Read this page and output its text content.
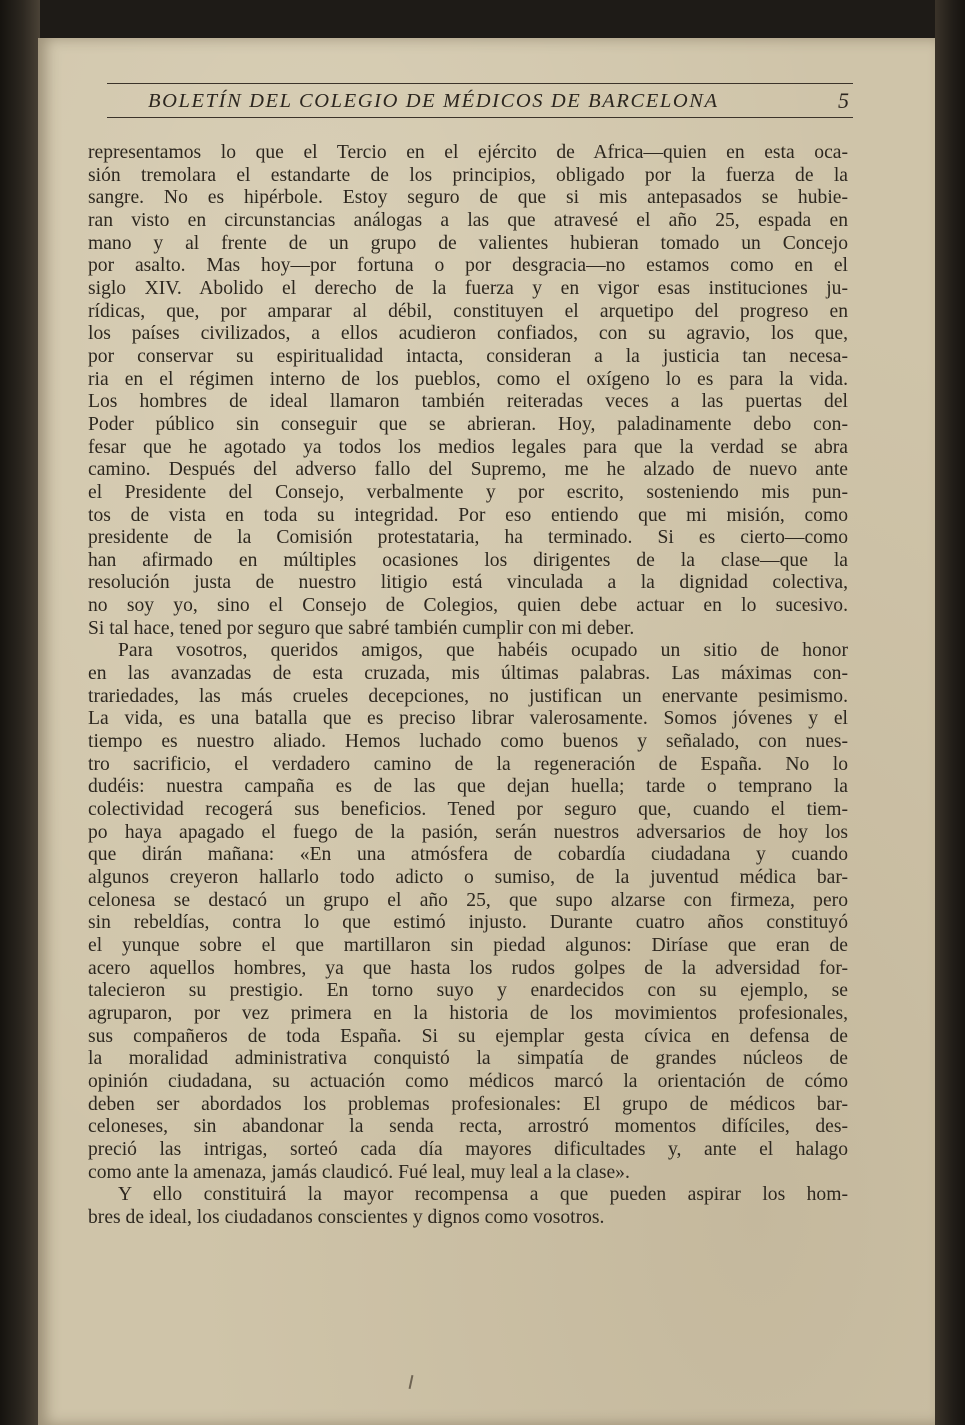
BOLETÍN DEL COLEGIO DE MÉDICOS DE BARCELONA	5
representamos lo que el Tercio en el ejército de Africa—quien en esta oca-
sión tremolara el estandarte de los principios, obligado por la fuerza de la
sangre. No es hipérbole. Estoy seguro de que si mis antepasados se hubie-
ran visto en circunstancias análogas a las que atravesé el año 25, espada en
mano y al frente de un grupo de valientes hubieran tomado un Concejo
por asalto. Mas hoy—por fortuna o por desgracia—no estamos como en el
siglo XIV. Abolido el derecho de la fuerza y en vigor esas instituciones ju-
rídicas, que, por amparar al débil, constituyen el arquetipo del progreso en
los países civilizados, a ellos acudieron confiados, con su agravio, los que,
por conservar su espiritualidad intacta, consideran a la justicia tan necesa-
ria en el régimen interno de los pueblos, como el oxígeno lo es para la vida.
Los hombres de ideal llamaron también reiteradas veces a las puertas del
Poder público sin conseguir que se abrieran. Hoy, paladinamente debo con-
fesar que he agotado ya todos los medios legales para que la verdad se abra
camino. Después del adverso fallo del Supremo, me he alzado de nuevo ante
el Presidente del Consejo, verbalmente y por escrito, sosteniendo mis pun-
tos de vista en toda su integridad. Por eso entiendo que mi misión, como
presidente de la Comisión protestataria, ha terminado. Si es cierto—como
han afirmado en múltiples ocasiones los dirigentes de la clase—que la
resolución justa de nuestro litigio está vinculada a la dignidad colectiva,
no soy yo, sino el Consejo de Colegios, quien debe actuar en lo sucesivo.
Si tal hace, tened por seguro que sabré también cumplir con mi deber.
Para vosotros, queridos amigos, que habéis ocupado un sitio de honor
en las avanzadas de esta cruzada, mis últimas palabras. Las máximas con-
trariedades, las más crueles decepciones, no justifican un enervante pesimismo.
La vida, es una batalla que es preciso librar valerosamente. Somos jóvenes y el
tiempo es nuestro aliado. Hemos luchado como buenos y señalado, con nues-
tro sacrificio, el verdadero camino de la regeneración de España. No lo
dudéis: nuestra campaña es de las que dejan huella; tarde o temprano la
colectividad recogerá sus beneficios. Tened por seguro que, cuando el tiem-
po haya apagado el fuego de la pasión, serán nuestros adversarios de hoy los
que dirán mañana: «En una atmósfera de cobardía ciudadana y cuando
algunos creyeron hallarlo todo adicto o sumiso, de la juventud médica bar-
celonesa se destacó un grupo el año 25, que supo alzarse con firmeza, pero
sin rebeldías, contra lo que estimó injusto. Durante cuatro años constituyó
el yunque sobre el que martillaron sin piedad algunos: Diríase que eran de
acero aquellos hombres, ya que hasta los rudos golpes de la adversidad for-
talecieron su prestigio. En torno suyo y enardecidos con su ejemplo, se
agruparon, por vez primera en la historia de los movimientos profesionales,
sus compañeros de toda España. Si su ejemplar gesta cívica en defensa de
la moralidad administrativa conquistó la simpatía de grandes núcleos de
opinión ciudadana, su actuación como médicos marcó la orientación de cómo
deben ser abordados los problemas profesionales: El grupo de médicos bar-
celoneses, sin abandonar la senda recta, arrostró momentos difíciles, des-
preció las intrigas, sorteó cada día mayores dificultades y, ante el halago
como ante la amenaza, jamás claudicó. Fué leal, muy leal a la clase».
Y ello constituirá la mayor recompensa a que pueden aspirar los hom-
bres de ideal, los ciudadanos conscientes y dignos como vosotros.
